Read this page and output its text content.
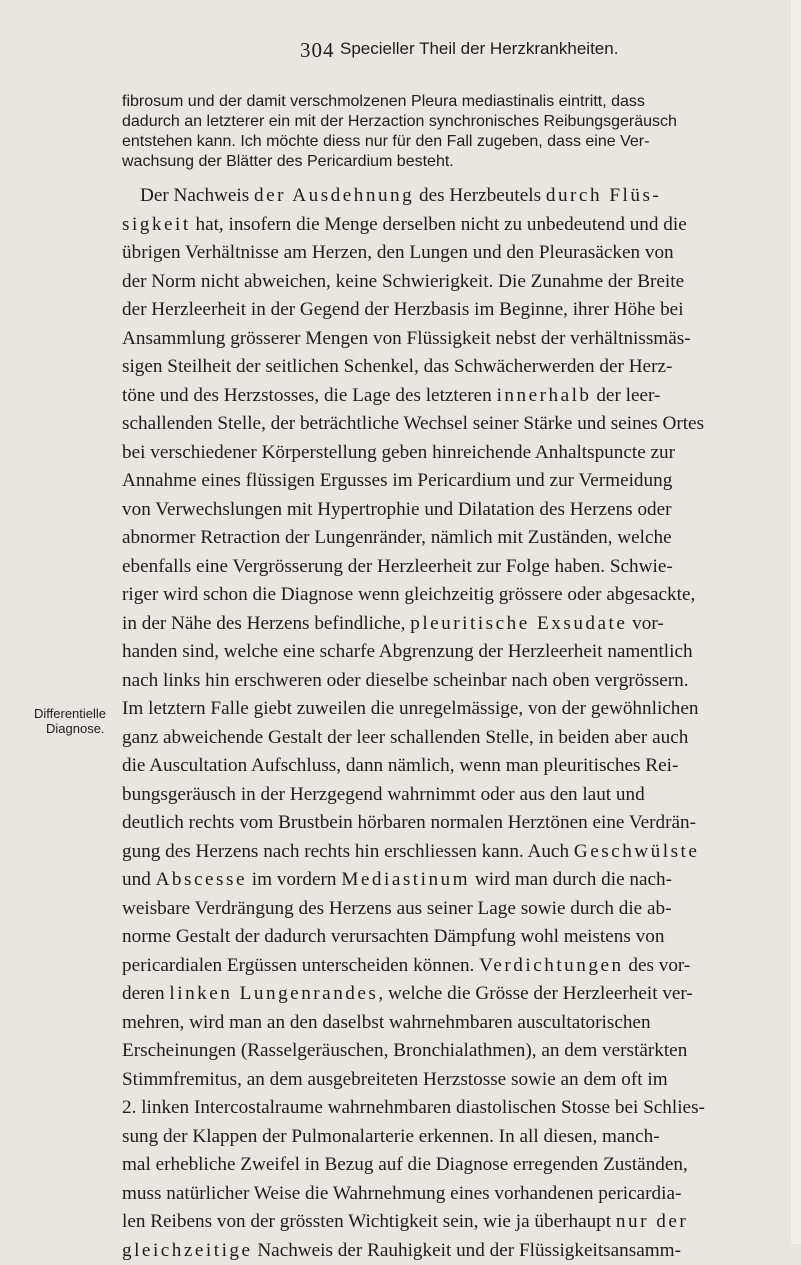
304 Specieller Theil der Herzkrankheiten.
fibrosum und der damit verschmolzenen Pleura mediastinalis eintritt, dass
dadurch an letzterer ein mit der Herzaction synchronisches Reibungsgeräusch
entstehen kann. Ich möchte diess nur für den Fall zugeben, dass eine Ver-
wachsung der Blätter des Pericardium besteht.
Differentielle
Diagnose.
Der Nachweis der Ausdehnung des Herzbeutels durch Flüs-
sigkeit hat, insofern die Menge derselben nicht zu unbedeutend und die
übrigen Verhältnisse am Herzen, den Lungen und den Pleurasäcken von
der Norm nicht abweichen, keine Schwierigkeit. Die Zunahme der Breite
der Herzleerheit in der Gegend der Herzbasis im Beginne, ihrer Höhe bei
Ansammlung grösserer Mengen von Flüssigkeit nebst der verhältnissmäs-
sigen Steilheit der seitlichen Schenkel, das Schwächerwerden der Herz-
töne und des Herzstosses, die Lage des letzteren innerhalb der leer-
schallenden Stelle, der beträchtliche Wechsel seiner Stärke und seines Ortes
bei verschiedener Körperstellung geben hinreichende Anhaltspuncte zur
Annahme eines flüssigen Ergusses im Pericardium und zur Vermeidung
von Verwechslungen mit Hypertrophie und Dilatation des Herzens oder
abnormer Retraction der Lungenränder, nämlich mit Zuständen, welche
ebenfalls eine Vergrösserung der Herzleerheit zur Folge haben. Schwie-
riger wird schon die Diagnose wenn gleichzeitig grössere oder abgesackte,
in der Nähe des Herzens befindliche, pleuritische Exsudate vor-
handen sind, welche eine scharfe Abgrenzung der Herzleerheit namentlich
nach links hin erschweren oder dieselbe scheinbar nach oben vergrössern.
Im letztern Falle giebt zuweilen die unregelmässige, von der gewöhnlichen
ganz abweichende Gestalt der leer schallenden Stelle, in beiden aber auch
die Auscultation Aufschluss, dann nämlich, wenn man pleuritisches Rei-
bungsgeräusch in der Herzgegend wahrnimmt oder aus den laut und
deutlich rechts vom Brustbein hörbaren normalen Herztönen eine Verdrän-
gung des Herzens nach rechts hin erschliessen kann. Auch Geschwülste
und Abscesse im vordern Mediastinum wird man durch die nach-
weisbare Verdrängung des Herzens aus seiner Lage sowie durch die ab-
norme Gestalt der dadurch verursachten Dämpfung wohl meistens von
pericardialen Ergüssen unterscheiden können. Verdichtungen des vor-
deren linken Lungenrandes, welche die Grösse der Herzleerheit ver-
mehren, wird man an den daselbst wahrnehmbaren auscultatorischen
Erscheinungen (Rasselgeräuschen, Bronchialathmen), an dem verstärkten
Stimmfremitus, an dem ausgebreiteten Herzstosse sowie an dem oft im
2. linken Intercostalraume wahrnehmbaren diastolischen Stosse bei Schlies-
sung der Klappen der Pulmonalarterie erkennen. In all diesen, manch-
mal erhebliche Zweifel in Bezug auf die Diagnose erregenden Zuständen,
muss natürlicher Weise die Wahrnehmung eines vorhandenen pericardia-
len Reibens von der grössten Wichtigkeit sein, wie ja überhaupt nur der
gleichzeitige Nachweis der Rauhigkeit und der Flüssigkeitsansamm-
